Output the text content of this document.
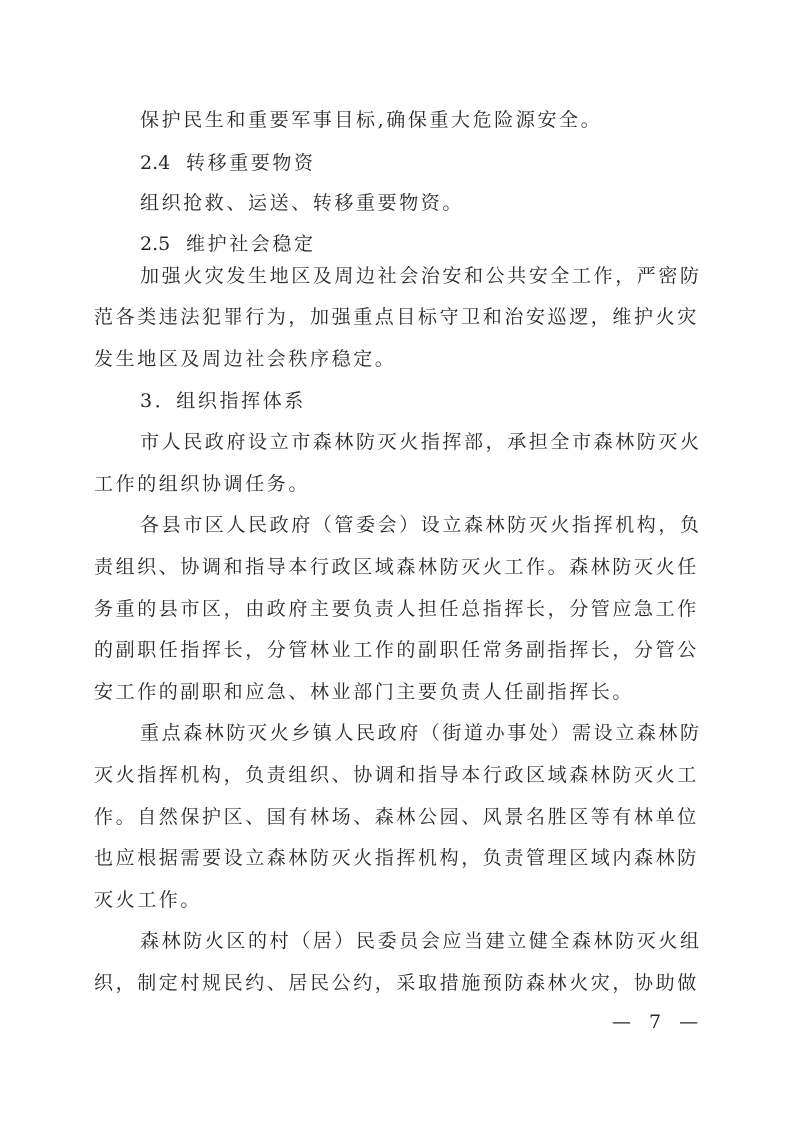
保护民生和重要军事目标,确保重大危险源安全。
2.4 转移重要物资
组织抢救、运送、转移重要物资。
2.5 维护社会稳定
加强火灾发生地区及周边社会治安和公共安全工作，严密防
范各类违法犯罪行为，加强重点目标守卫和治安巡逻，维护火灾
发生地区及周边社会秩序稳定。
3．组织指挥体系
市人民政府设立市森林防灭火指挥部，承担全市森林防灭火
工作的组织协调任务。
各县市区人民政府（管委会）设立森林防灭火指挥机构，负
责组织、协调和指导本行政区域森林防灭火工作。森林防灭火任
务重的县市区，由政府主要负责人担任总指挥长，分管应急工作
的副职任指挥长，分管林业工作的副职任常务副指挥长，分管公
安工作的副职和应急、林业部门主要负责人任副指挥长。
重点森林防灭火乡镇人民政府（街道办事处）需设立森林防
灭火指挥机构，负责组织、协调和指导本行政区域森林防灭火工
作。自然保护区、国有林场、森林公园、风景名胜区等有林单位
也应根据需要设立森林防灭火指挥机构，负责管理区域内森林防
灭火工作。
森林防火区的村（居）民委员会应当建立健全森林防灭火组
织，制定村规民约、居民公约，采取措施预防森林火灾，协助做
— 7 —
